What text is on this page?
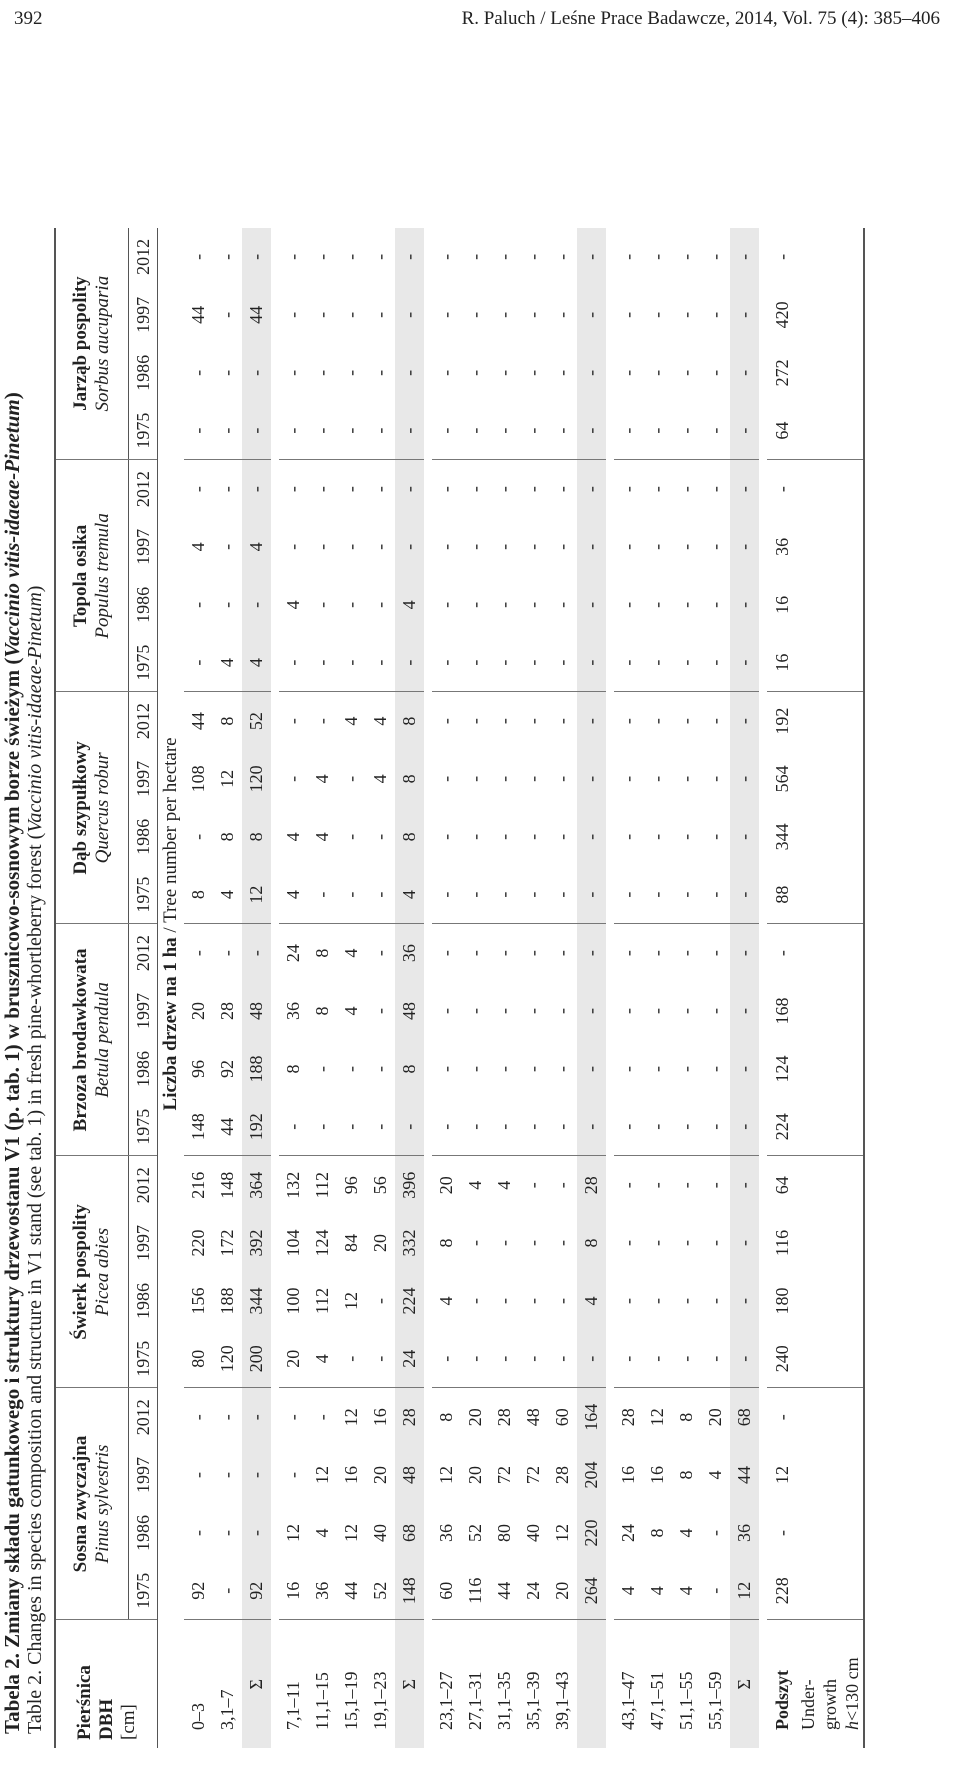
392	R. Paluch / Leśne Prace Badawcze, 2014, Vol. 75 (4): 385–406
Tabela 2. Zmiany składu gatunkowego i struktury drzewostanu V1 (p. tab. 1) w brusznicowo-sosnowym borze świeżym (Vaccinio vitis-idaeae-Pinetum)
Table 2. Changes in species composition and structure in V1 stand (see tab. 1) in fresh pine-whortleberry forest (Vaccinio vitis-idaeae-Pinetum)
Pierśnica
DBH
[cm]	Sosna zwyczajna Pinus sylvestris				Świerk pospolity Picea abies				Brzoza brodawkowata Betula pendula				Dąb szypułkowy Quercus robur				Topola osika Populus tremula				Jarząb pospolity Sorbus aucuparia			

	1975	1986	1997	2012	1975	1986	1997	2012	1975	1986	1997	2012	1975	1986	1997	2012	1975	1986	1997	2012	1975	1986	1997	2012
	Liczba drzew na 1 ha / Tree number per hectare																							
0–3	92	-	-	-	80	156	220	216	148	96	20	-	8	-	108	44	-	-	4	-	-	-	44	-
3,1–7	-	-	-	-	120	188	172	148	44	92	28	-	4	8	12	8	4	-	-	-	-	-	-	-
Σ	92	-	-	-	200	344	392	364	192	188	48	-	12	8	120	52	4	-	4	-	-	-	44	-

7,1–11	16	12	-	-	20	100	104	132	-	8	36	24	4	4	-	-	-	4	-	-	-	-	-	-
11,1–15	36	4	12	-	4	112	124	112	-	-	8	8	-	4	4	-	-	-	-	-	-	-	-	-
15,1–19	44	12	16	12	-	12	84	96	-	-	4	4	-	-	-	4	-	-	-	-	-	-	-	-
19,1–23	52	40	20	16	-	-	20	56	-	-	-	-	-	-	4	4	-	-	-	-	-	-	-	-
Σ	148	68	48	28	24	224	332	396	-	8	48	36	4	8	8	8	-	4	-	-	-	-	-	-

23,1–27	60	36	12	8	-	4	8	20	-	-	-	-	-	-	-	-	-	-	-	-	-	-	-	-
27,1–31	116	52	20	20	-	-	-	4	-	-	-	-	-	-	-	-	-	-	-	-	-	-	-	-
31,1–35	44	80	72	28	-	-	-	4	-	-	-	-	-	-	-	-	-	-	-	-	-	-	-	-
35,1–39	24	40	72	48	-	-	-	-	-	-	-	-	-	-	-	-	-	-	-	-	-	-	-	-
39,1–43	20	12	28	60	-	-	-	-	-	-	-	-	-	-	-	-	-	-	-	-	-	-	-	-
	264	220	204	164	-	4	8	28	-	-	-	-	-	-	-	-	-	-	-	-	-	-	-	-

43,1–47	4	24	16	28	-	-	-	-	-	-	-	-	-	-	-	-	-	-	-	-	-	-	-	-
47,1–51	4	8	16	12	-	-	-	-	-	-	-	-	-	-	-	-	-	-	-	-	-	-	-	-
51,1–55	4	4	8	8	-	-	-	-	-	-	-	-	-	-	-	-	-	-	-	-	-	-	-	-
55,1–59	-	-	4	20	-	-	-	-	-	-	-	-	-	-	-	-	-	-	-	-	-	-	-	-
Σ	12	36	44	68	-	-	-	-	-	-	-	-	-	-	-	-	-	-	-	-	-	-	-	-

Podszyt	228	-	12	-	240	180	116	64	224	124	168	-	88	344	564	192	16	16	36	-	64	272	420	-
Under-																								
growth																								
h<130 cm																								
